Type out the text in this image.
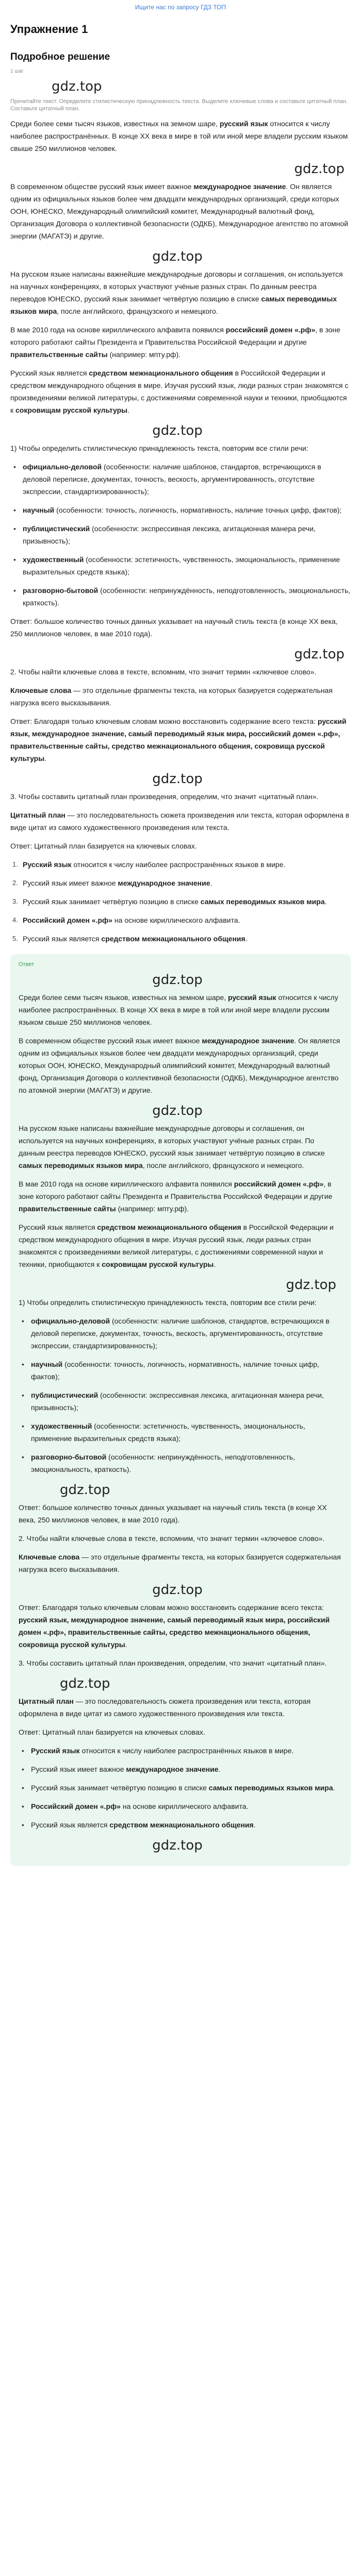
Ищите нас по запросу ГДЗ ТОП
Упражнение 1
Подробное решение
1 шаг
gdz.top
Прочитайте текст. Определите стилистическую принадлежность текста. Выделите ключевые слова и составьте цитатный план. Составьте цитатный план.

Среди более семи тысяч языков, известных на земном шаре, русский язык относится к числу наиболее распространённых. В конце XX века в мире в той или иной мере владели русским языком свыше 250 миллионов человек.

gdz.top

В современном обществе русский язык имеет важное международное значение. Он является одним из официальных языков более чем двадцати международных организаций, среди которых ООН, ЮНЕСКО, Международный олимпийский комитет, Международный валютный фонд, Организация Договора о коллективной безопасности (ОДКБ), Международное агентство по атомной энергии (МАГАТЭ) и другие.

gdz.top

На русском языке написаны важнейшие международные договоры и соглашения, он используется на научных конференциях, в которых участвуют учёные разных стран. По данным реестра переводов ЮНЕСКО, русский язык занимает четвёртую позицию в списке самых переводимых языков мира, после английского, французского и немецкого.

В мае 2010 года на основе кириллического алфавита появился российский домен «.рф», в зоне которого работают сайты Президента и Правительства Российской Федерации и другие правительственные сайты (например: мпту.рф).

Русский язык является средством межнационального общения в Российской Федерации и средством международного общения в мире. Изучая русский язык, люди разных стран знакомятся с произведениями великой литературы, с достижениями современной науки и техники, приобщаются к сокровищам русской культуры.

gdz.top

1) Чтобы определить стилистическую принадлежность текста, повторим все стили речи:

• официально-деловой (особенности: наличие шаблонов, стандартов, встречающихся в деловой переписке, документах, точность, вескость, аргументированность, отсутствие экспрессии, стандартизированность);
• научный (особенности: точность, логичность, нормативность, наличие точных цифр, фактов);
• публицистический (особенности: экспрессивная лексика, агитационная манера речи, призывность);
• художественный (особенности: эстетичность, чувственность, эмоциональность, применение выразительных средств языка);
• разговорно-бытовой (особенности: непринуждённость, неподготовленность, эмоциональность, краткость).

Ответ: большое количество точных данных указывает на научный стиль текста (в конце XX века, 250 миллионов человек, в мае 2010 года).

gdz.top

2. Чтобы найти ключевые слова в тексте, вспомним, что значит термин «ключевое слово».

Ключевые слова — это отдельные фрагменты текста, на которых базируется содержательная нагрузка всего высказывания.

Ответ: Благодаря только ключевым словам можно восстановить содержание всего текста: русский язык, международное значение, самый переводимый язык мира, российский домен «.рф», правительственные сайты, средство межнационального общения, сокровища русской культуры.

gdz.top

3. Чтобы составить цитатный план произведения, определим, что значит «цитатный план».

Цитатный план — это последовательность сюжета произведения или текста, которая оформлена в виде цитат из самого художественного произведения или текста.

Ответ: Цитатный план базируется на ключевых словах.

1. Русский язык относится к числу наиболее распространённых языков в мире.
2. Русский язык имеет важное международное значение.
3. Русский язык занимает четвёртую позицию в списке самых переводимых языков мира.
4. Российский домен «.рф» на основе кириллического алфавита.
5. Русский язык является средством межнационального общения.
Ответ
gdz.top

Среди более семи тысяч языков, известных на земном шаре, русский язык относится к числу наиболее распространённых. В конце XX века в мире в той или иной мере владели русским языком свыше 250 миллионов человек.

В современном обществе русский язык имеет важное международное значение. Он является одним из официальных языков более чем двадцати международных организаций, среди которых ООН, ЮНЕСКО, Международный олимпийский комитет, Международный валютный фонд, Организация Договора о коллективной безопасности (ОДКБ), Международное агентство по атомной энергии (МАГАТЭ) и другие.

gdz.top

На русском языке написаны важнейшие международные договоры и соглашения, он используется на научных конференциях, в которых участвуют учёные разных стран. По данным реестра переводов ЮНЕСКО, русский язык занимает четвёртую позицию в списке самых переводимых языков мира, после английского, французского и немецкого.

В мае 2010 года на основе кириллического алфавита появился российский домен «.рф», в зоне которого работают сайты Президента и Правительства Российской Федерации и другие правительственные сайты (например: мпту.рф).

Русский язык является средством межнационального общения в Российской Федерации и средством международного общения в мире. Изучая русский язык, люди разных стран знакомятся с произведениями великой литературы, с достижениями современной науки и техники, приобщаются к сокровищам русской культуры.

gdz.top

1) Чтобы определить стилистическую принадлежность текста, повторим все стили речи:

• официально-деловой (особенности: наличие шаблонов, стандартов, встречающихся в деловой переписке, документах, точность, вескость, аргументированность, отсутствие экспрессии, стандартизированность);
• научный (особенности: точность, логичность, нормативность, наличие точных цифр, фактов);
• публицистический (особенности: экспрессивная лексика, агитационная манера речи, призывность);
• художественный (особенности: эстетичность, чувственность, эмоциональность, применение выразительных средств языка);
• разговорно-бытовой (особенности: непринуждённость, неподготовленность, эмоциональность, краткость).
gdz.top

Ответ: большое количество точных данных указывает на научный стиль текста (в конце XX века, 250 миллионов человек, в мае 2010 года).

2. Чтобы найти ключевые слова в тексте, вспомним, что значит термин «ключевое слово».

Ключевые слова — это отдельные фрагменты текста, на которых базируется содержательная нагрузка всего высказывания.

gdz.top

Ответ: Благодаря только ключевым словам можно восстановить содержание всего текста: русский язык, международное значение, самый переводимый язык мира, российский домен «.рф», правительственные сайты, средство межнационального общения, сокровища русской культуры.

3. Чтобы составить цитатный план произведения, определим, что значит «цитатный план».

gdz.top

Цитатный план — это последовательность сюжета произведения или текста, которая оформлена в виде цитат из самого художественного произведения или текста.

Ответ: Цитатный план базируется на ключевых словах.

• Русский язык относится к числу наиболее распространённых языков в мире.
• Русский язык имеет важное международное значение.
• Русский язык занимает четвёртую позицию в списке самых переводимых языков мира.
• Российский домен «.рф» на основе кириллического алфавита.
• Русский язык является средством межнационального общения.
gdz.top
